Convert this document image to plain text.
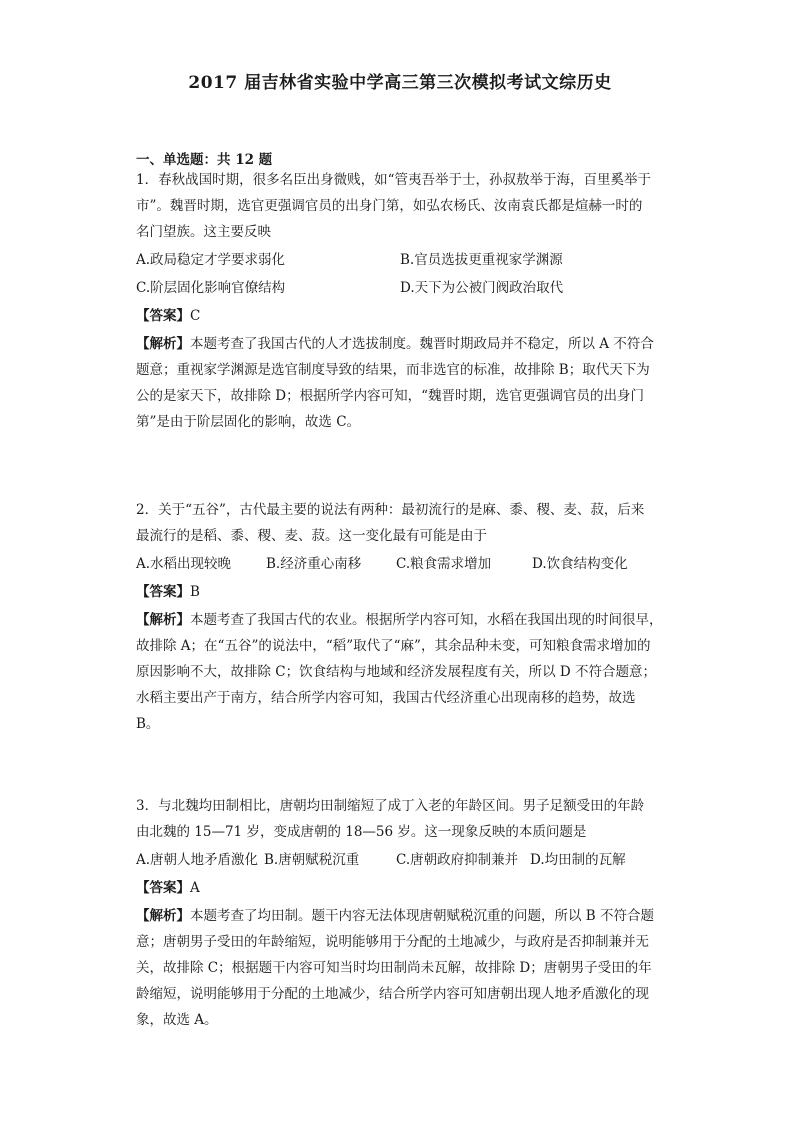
2017 届吉林省实验中学高三第三次模拟考试文综历史
一、单选题：共 12 题
1．春秋战国时期，很多名臣出身微贱，如“管夷吾举于士，孙叔敖举于海，百里奚举于
市”。魏晋时期，选官更强调官员的出身门第，如弘农杨氏、汝南袁氏都是煊赫一时的
名门望族。这主要反映
A.政局稳定才学要求弱化	B.官员选拔更重视家学渊源
C.阶层固化影响官僚结构	D.天下为公被门阀政治取代
【答案】C
【解析】本题考查了我国古代的人才选拔制度。魏晋时期政局并不稳定，所以 A 不符合
题意；重视家学渊源是选官制度导致的结果，而非选官的标准，故排除 B；取代天下为
公的是家天下，故排除 D；根据所学内容可知，“魏晋时期，选官更强调官员的出身门
第”是由于阶层固化的影响，故选 C。
2．关于“五谷”，古代最主要的说法有两种：最初流行的是麻、黍、稷、麦、菽，后来
最流行的是稻、黍、稷、麦、菽。这一变化最有可能是由于
A.水稻出现较晚	B.经济重心南移	C.粮食需求增加	D.饮食结构变化
【答案】B
【解析】本题考查了我国古代的农业。根据所学内容可知，水稻在我国出现的时间很早，
故排除 A；在“五谷”的说法中，“稻”取代了“麻”，其余品种未变，可知粮食需求增加的
原因影响不大，故排除 C；饮食结构与地域和经济发展程度有关，所以 D 不符合题意；
水稻主要出产于南方，结合所学内容可知，我国古代经济重心出现南移的趋势，故选
B。
3．与北魏均田制相比，唐朝均田制缩短了成丁入老的年龄区间。男子足额受田的年龄
由北魏的 15—71 岁，变成唐朝的 18—56 岁。这一现象反映的本质问题是
A.唐朝人地矛盾激化 B.唐朝赋税沉重	C.唐朝政府抑制兼并 D.均田制的瓦解
【答案】A
【解析】本题考查了均田制。题干内容无法体现唐朝赋税沉重的问题，所以 B 不符合题
意；唐朝男子受田的年龄缩短，说明能够用于分配的土地减少，与政府是否抑制兼并无
关，故排除 C；根据题干内容可知当时均田制尚未瓦解，故排除 D；唐朝男子受田的年
龄缩短，说明能够用于分配的土地减少，结合所学内容可知唐朝出现人地矛盾激化的现
象，故选 A。
